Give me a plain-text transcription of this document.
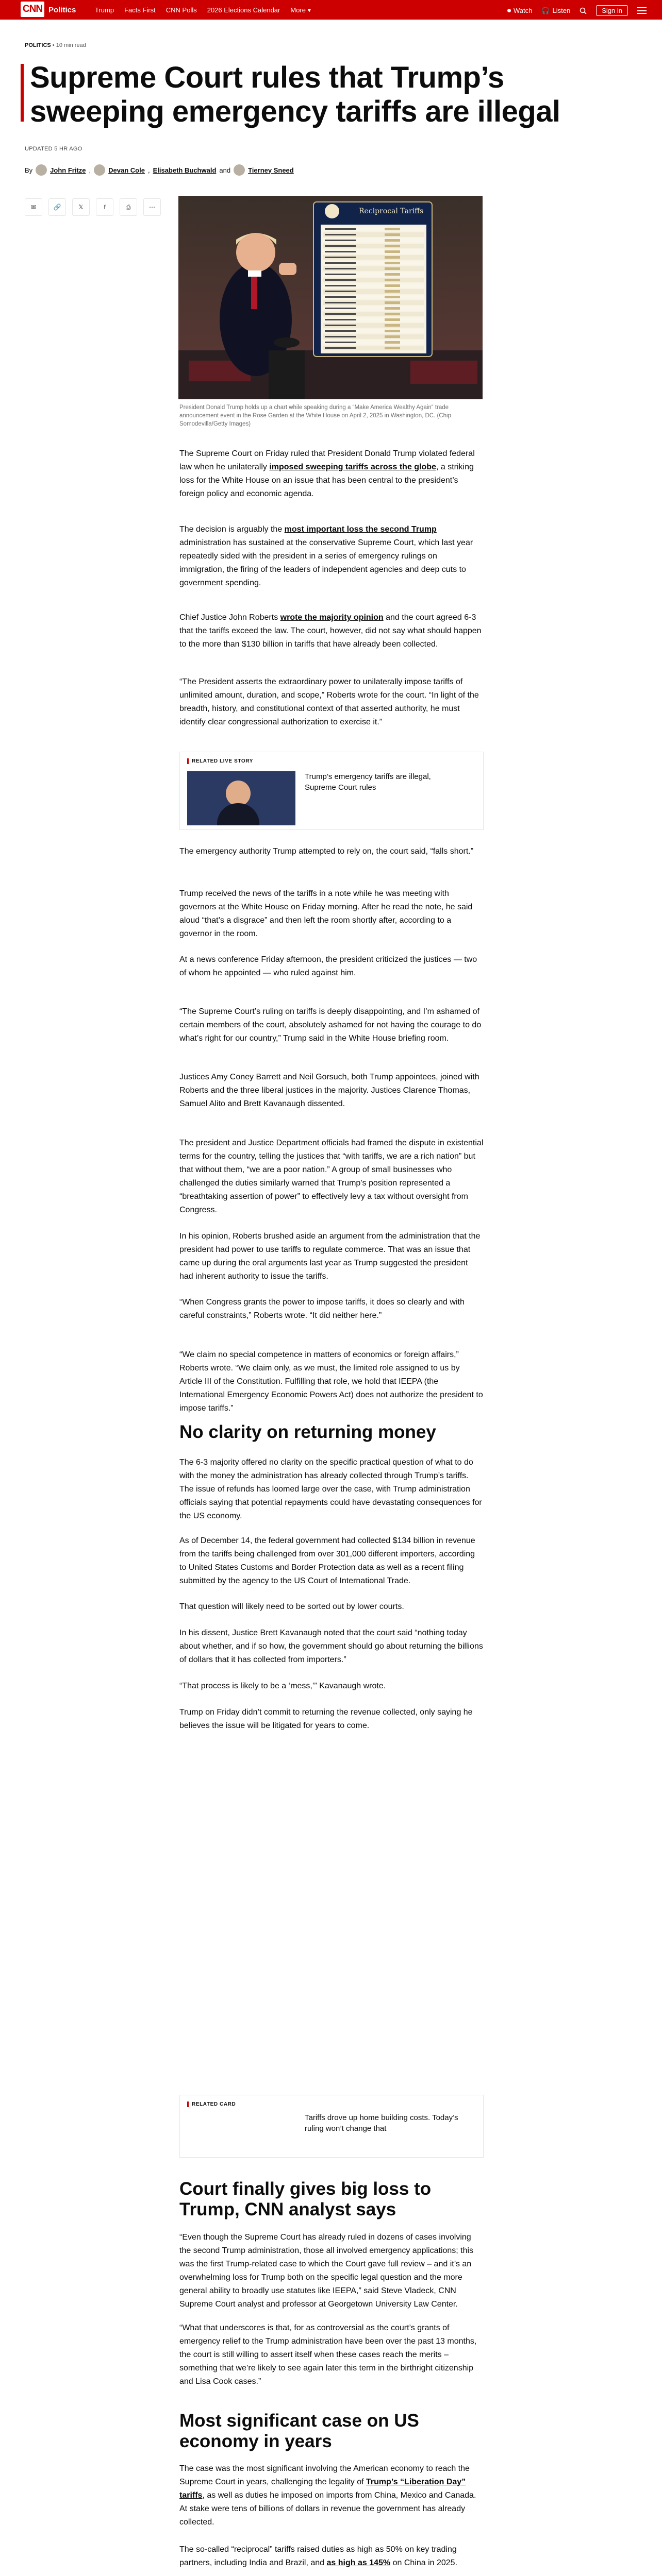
CNN Politics	Trump Facts First CNN Polls 2026 Elections Calendar More ▾	Watch 🎧 Listen	Sign in
POLITICS • 10 min read
Supreme Court rules that Trump’s sweeping emergency tariffs are illegal
UPDATED 5 HR AGO
By	John Fritze ,	Devan Cole , Elisabeth Buchwald and	Tierney Sneed
✉	🔗	𝕏	f	⎙	⋯	Reciprocal Tariffs

President Donald Trump holds up a chart while speaking during a “Make America Wealthy Again” trade announcement event in the Rose Garden at the White House on April 2, 2025 in Washington, DC. (Chip Somodevilla/Getty Images)

The Supreme Court on Friday ruled that President Donald Trump violated federal law when he unilaterally imposed sweeping tariffs across the globe, a striking loss for the White House on an issue that has been central to the president’s foreign policy and economic agenda.

The decision is arguably the most important loss the second Trump administration has sustained at the conservative Supreme Court, which last year repeatedly sided with the president in a series of emergency rulings on immigration, the firing of the leaders of independent agencies and deep cuts to government spending.

Chief Justice John Roberts wrote the majority opinion and the court agreed 6-3 that the tariffs exceed the law. The court, however, did not say what should happen to the more than $130 billion in tariffs that have already been collected.

“The President asserts the extraordinary power to unilaterally impose tariffs of unlimited amount, duration, and scope,” Roberts wrote for the court. “In light of the breadth, history, and constitutional context of that asserted authority, he must identify clear congressional authorization to exercise it.”

RELATED LIVE STORY
Trump’s emergency tariffs are illegal, Supreme Court rules

The emergency authority Trump attempted to rely on, the court said, “falls short.”

Trump received the news of the tariffs in a note while he was meeting with governors at the White House on Friday morning. After he read the note, he said aloud “that’s a disgrace” and then left the room shortly after, according to a governor in the room.

At a news conference Friday afternoon, the president criticized the justices — two of whom he appointed — who ruled against him.

“The Supreme Court’s ruling on tariffs is deeply disappointing, and I’m ashamed of certain members of the court, absolutely ashamed for not having the courage to do what’s right for our country,” Trump said in the White House briefing room.

Justices Amy Coney Barrett and Neil Gorsuch, both Trump appointees, joined with Roberts and the three liberal justices in the majority. Justices Clarence Thomas, Samuel Alito and Brett Kavanaugh dissented.

The president and Justice Department officials had framed the dispute in existential terms for the country, telling the justices that “with tariffs, we are a rich nation” but that without them, “we are a poor nation.” A group of small businesses who challenged the duties similarly warned that Trump’s position represented a “breathtaking assertion of power” to effectively levy a tax without oversight from Congress.

In his opinion, Roberts brushed aside an argument from the administration that the president had power to use tariffs to regulate commerce. That was an issue that came up during the oral arguments last year as Trump suggested the president had inherent authority to issue the tariffs.

“When Congress grants the power to impose tariffs, it does so clearly and with careful constraints,” Roberts wrote. “It did neither here.”

“We claim no special competence in matters of economics or foreign affairs,” Roberts wrote. “We claim only, as we must, the limited role assigned to us by Article III of the Constitution. Fulfilling that role, we hold that IEEPA (the International Emergency Economic Powers Act) does not authorize the president to impose tariffs.”

No clarity on returning money

The 6-3 majority offered no clarity on the specific practical question of what to do with the money the administration has already collected through Trump’s tariffs. The issue of refunds has loomed large over the case, with Trump administration officials saying that potential repayments could have devastating consequences for the US economy.

As of December 14, the federal government had collected $134 billion in revenue from the tariffs being challenged from over 301,000 different importers, according to United States Customs and Border Protection data as well as a recent filing submitted by the agency to the US Court of International Trade.

That question will likely need to be sorted out by lower courts.

In his dissent, Justice Brett Kavanaugh noted that the court said “nothing today about whether, and if so how, the government should go about returning the billions of dollars that it has collected from importers.”

“That process is likely to be a ‘mess,’” Kavanaugh wrote.

Trump on Friday didn’t commit to returning the revenue collected, only saying he believes the issue will be litigated for years to come.

RELATED CARD
Tariffs drove up home building costs. Today’s ruling won’t change that
Court finally gives big loss to Trump, CNN analyst says

“Even though the Supreme Court has already ruled in dozens of cases involving the second Trump administration, those all involved emergency applications; this was the first Trump-related case to which the Court gave full review – and it’s an overwhelming loss for Trump both on the specific legal question and the more general ability to broadly use statutes like IEEPA,” said Steve Vladeck, CNN Supreme Court analyst and professor at Georgetown University Law Center.

“What that underscores is that, for as controversial as the court’s grants of emergency relief to the Trump administration have been over the past 13 months, the court is still willing to assert itself when these cases reach the merits – something that we’re likely to see again later this term in the birthright citizenship and Lisa Cook cases.”

Most significant case on US economy in years

The case was the most significant involving the American economy to reach the Supreme Court in years, challenging the legality of Trump’s “Liberation Day” tariffs, as well as duties he imposed on imports from China, Mexico and Canada. At stake were tens of billions of dollars in revenue the government has already collected.

The so-called “reciprocal” tariffs raised duties as high as 50% on key trading partners, including India and Brazil, and as high as 145% on China in 2025.
